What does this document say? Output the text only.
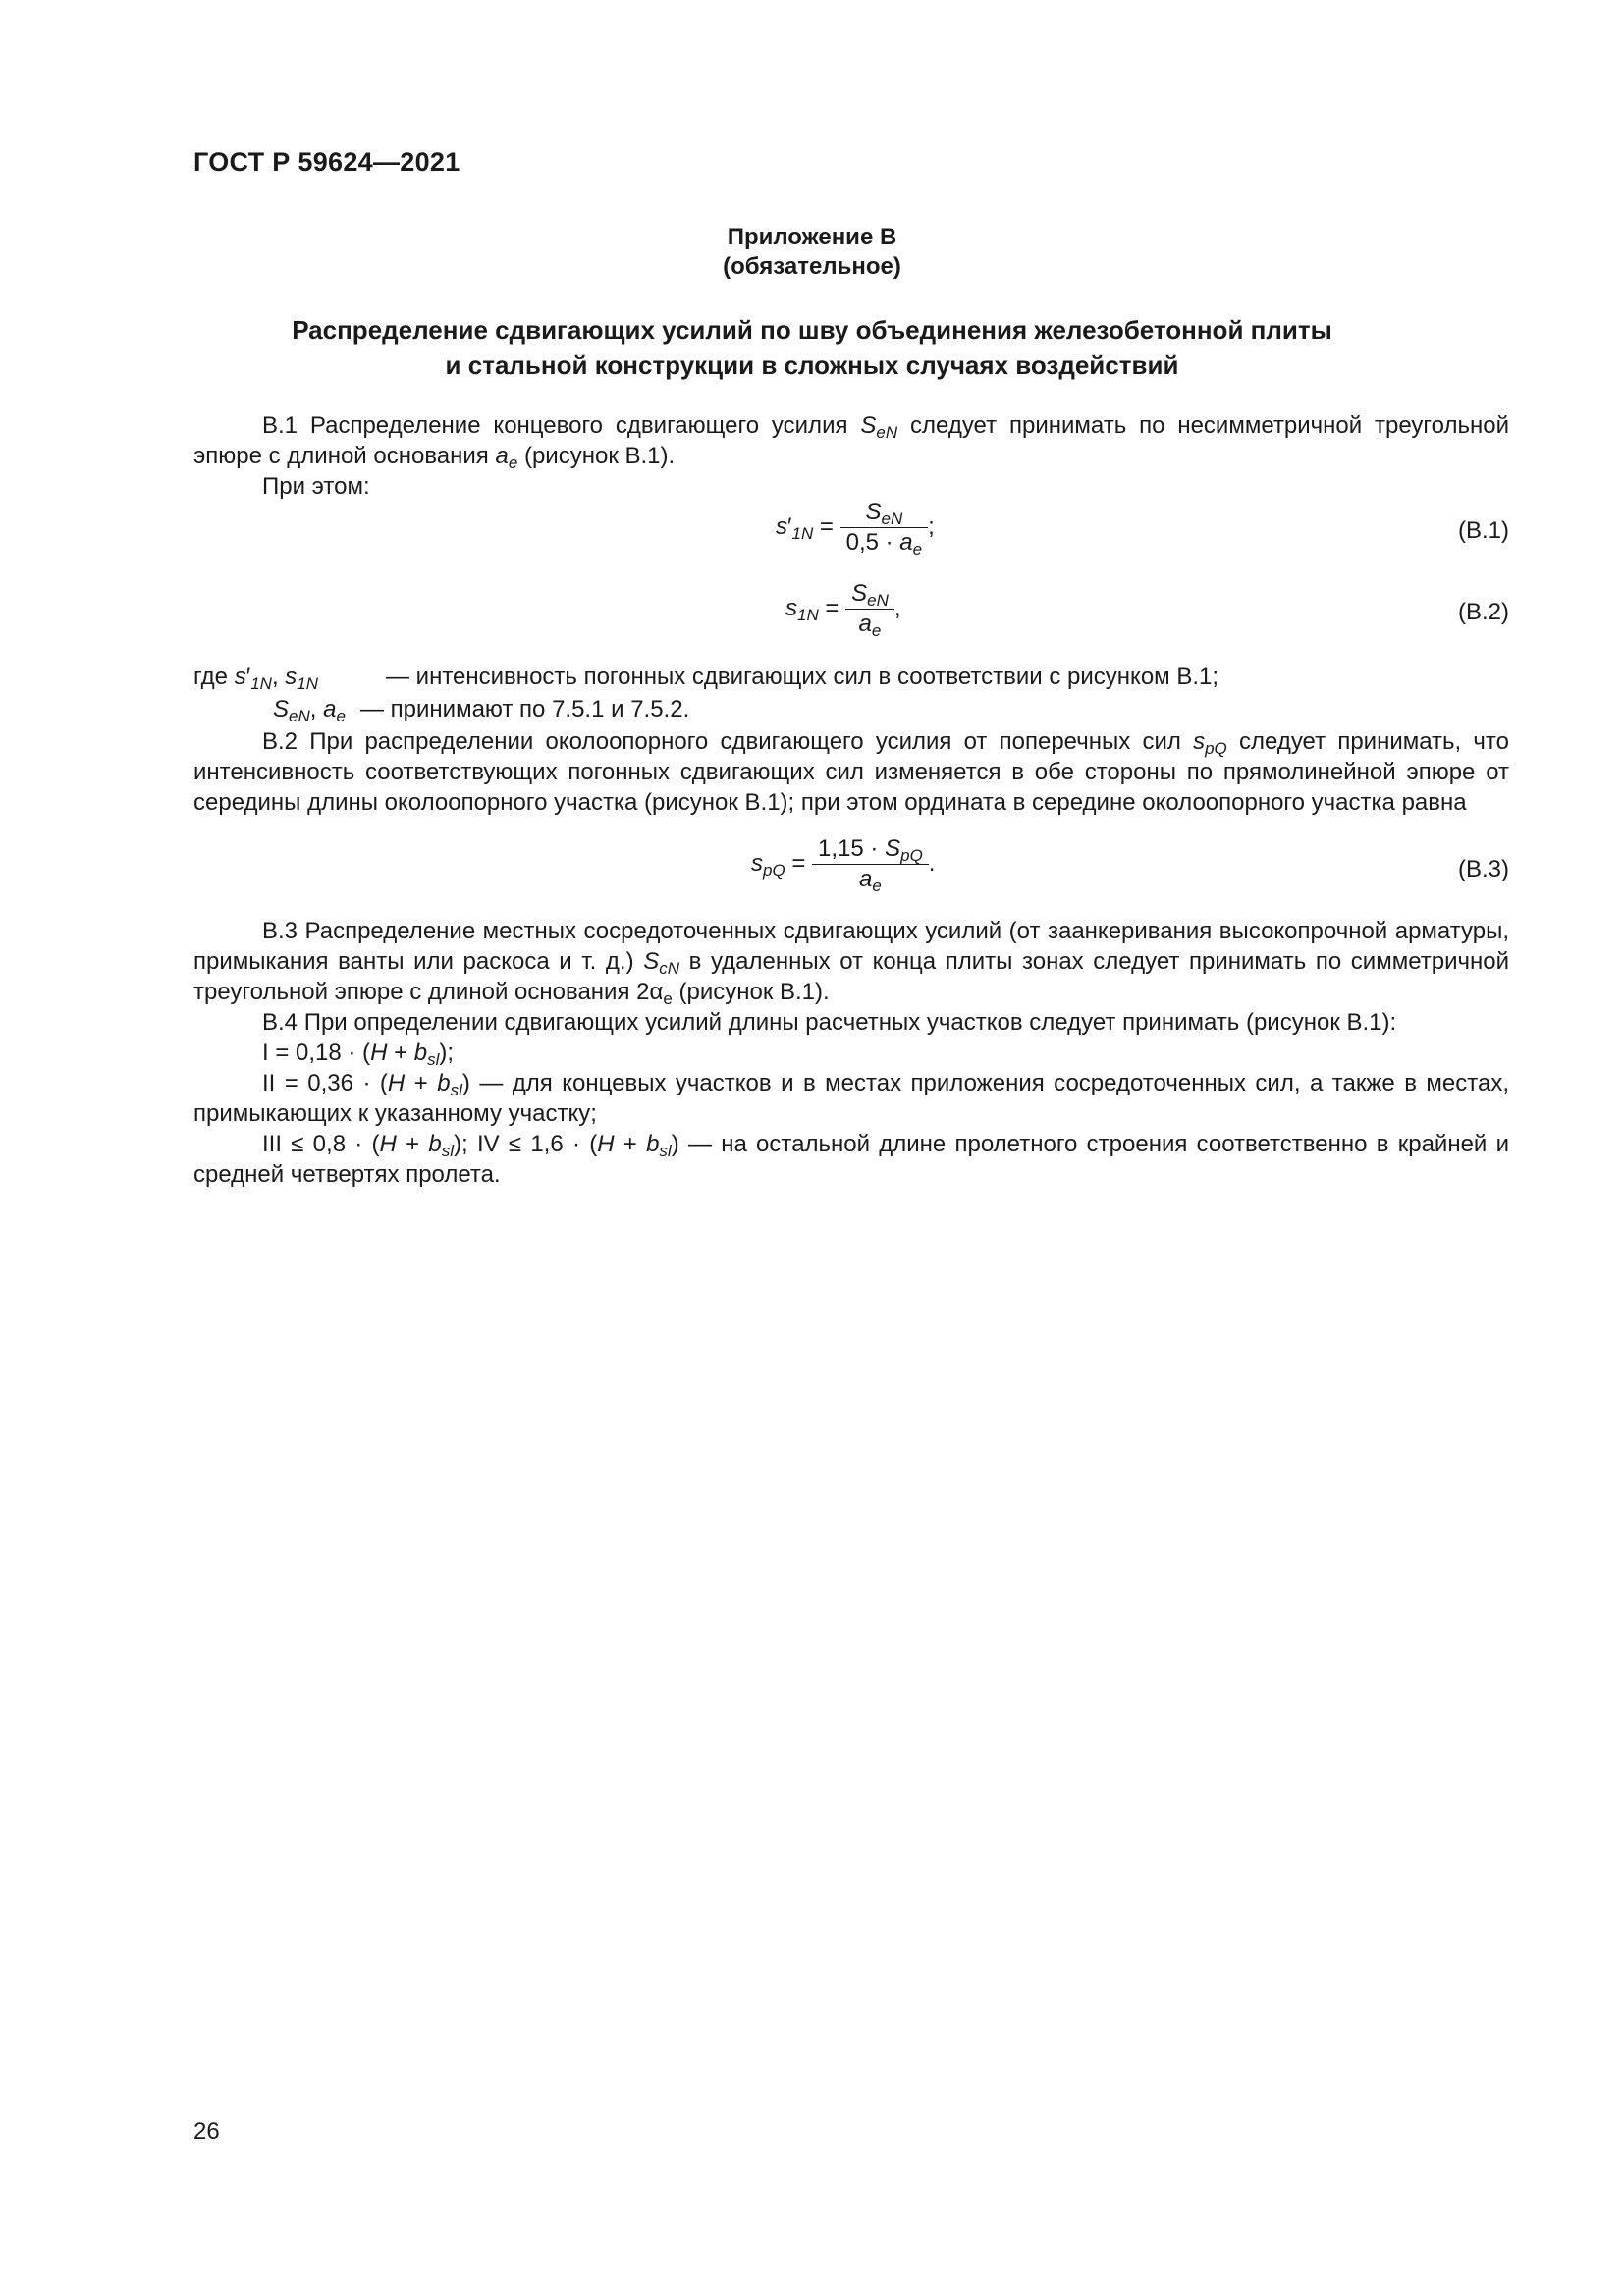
ГОСТ Р 59624—2021
Приложение В
(обязательное)
Распределение сдвигающих усилий по шву объединения железобетонной плиты
и стальной конструкции в сложных случаях воздействий

В.1 Распределение концевого сдвигающего усилия $S_{eN}$ следует принимать по несимметричной треугольной эпюре с длиной основания $a_e$ (рисунок В.1).

При этом:

$s'_{1N} = \frac{S_{eN}}{0,5 \cdot a_e}$ ;	(В.1)
$s_{1N} = \frac{S_{eN}}{a_e}$ ,	(В.2)
где $s'_{1N}$, $s_{1N}$	— интенсивность погонных сдвигающих сил в соответствии с рисунком В.1;
$S_{eN}$, $a_e$ — принимают по 7.5.1 и 7.5.2.

В.2 При распределении околоопорного сдвигающего усилия от поперечных сил $s_{pQ}$ следует принимать, что интенсивность соответствующих погонных сдвигающих сил изменяется в обе стороны по прямолинейной эпюре от середины длины околоопорного участка (рисунок В.1); при этом ордината в середине околоопорного участка равна

$s_{pQ} = \frac{1,15 \cdot S_{pQ}}{a_e}$ .	(В.3)

В.3 Распределение местных сосредоточенных сдвигающих усилий (от заанкеривания высокопрочной арматуры, примыкания ванты или раскоса и т. д.) $S_{cN}$ в удаленных от конца плиты зонах следует принимать по симметричной треугольной эпюре с длиной основания $2\alpha_e$ (рисунок В.1).

В.4 При определении сдвигающих усилий длины расчетных участков следует принимать (рисунок В.1):

$I = 0,18 \cdot (H + b_{sl})$;

II = $0,36 \cdot (H + b_{sl})$ — для концевых участков и в местах приложения сосредоточенных сил, а также в местах, примыкающих к указанному участку;

III ≤ $0,8 \cdot (H + b_{sl})$; IV ≤ $1,6 \cdot (H + b_{sl})$ — на остальной длине пролетного строения соответственно в крайней и средней четвертях пролета.

26
